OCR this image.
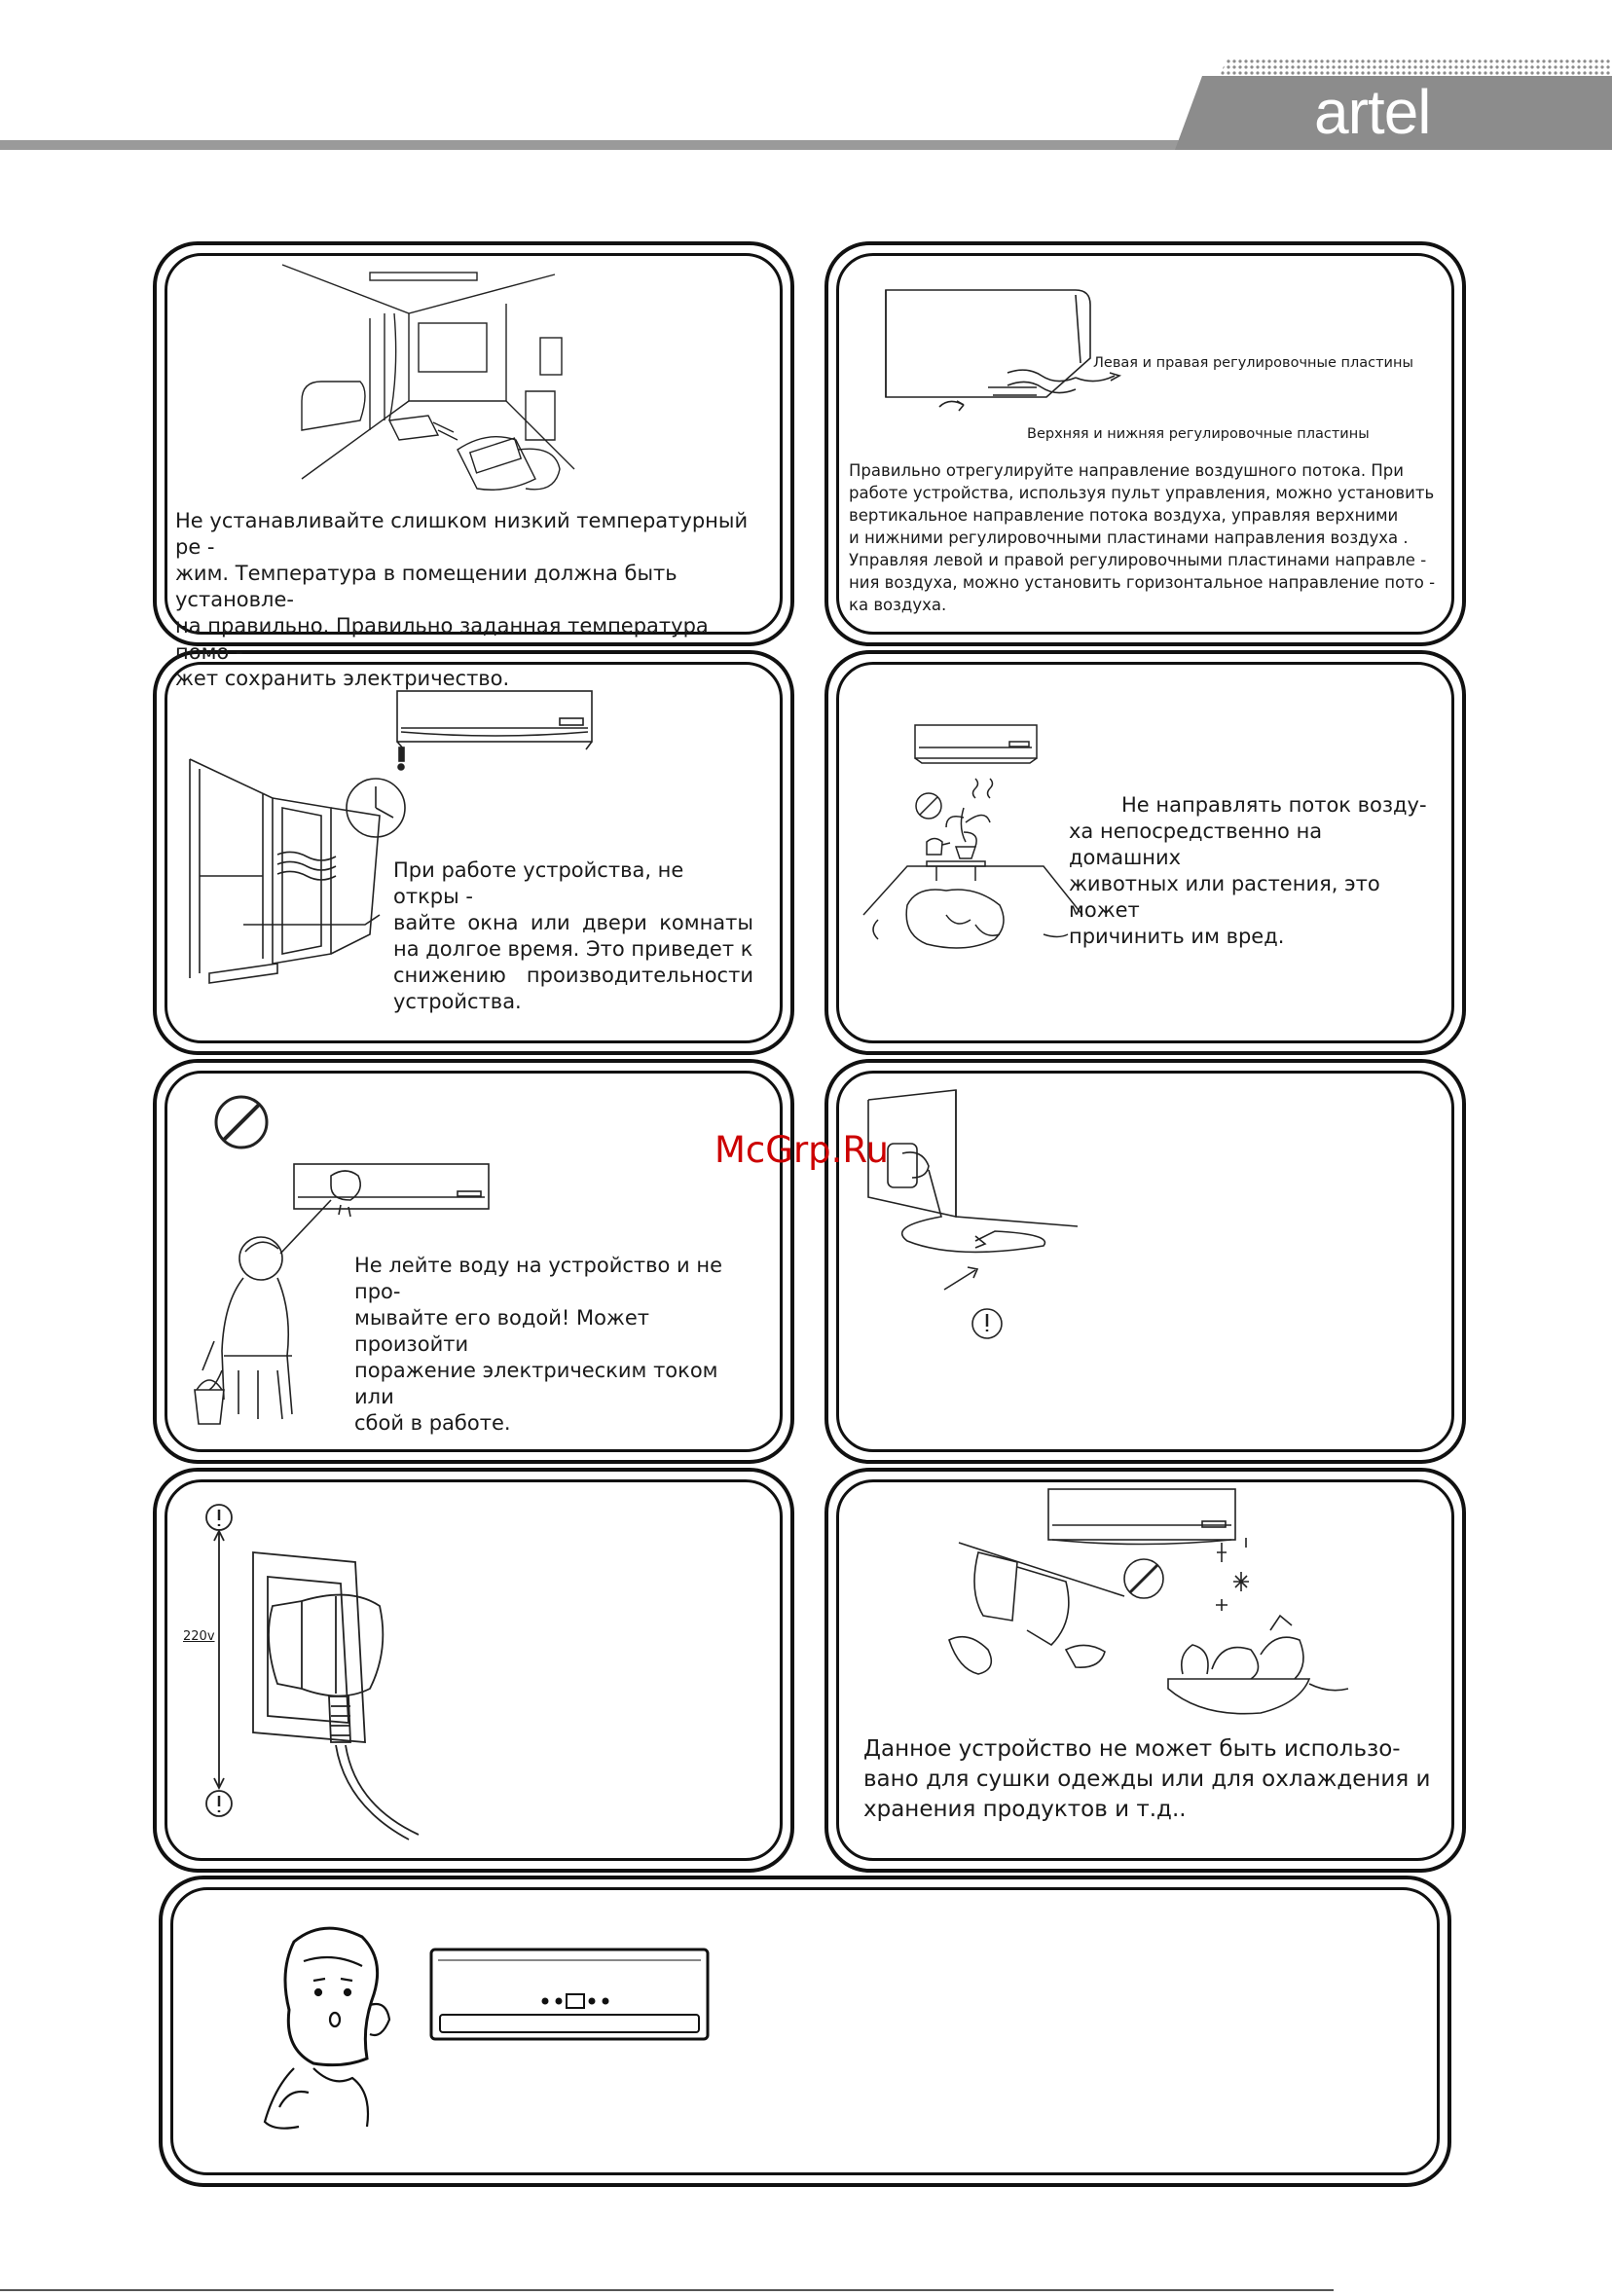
artel
Не устанавливайте слишком низкий температурный ре -
жим. Температура в помещении должна быть установле-
на правильно. Правильно заданная температура помо -
жет сохранить электричество.
Левая и правая регулировочные пластины
Верхняя и нижняя регулировочные пластины
Правильно отрегулируйте направление воздушного потока. При
работе устройства, используя пульт управления, можно установить
вертикальное направление потока воздуха, управляя верхними
и нижними регулировочными пластинами направления воздуха .
Управляя левой и правой регулировочными пластинами направле -
ния воздуха, можно установить горизонтальное направление пото -
ка воздуха.
При работе устройства, не откры -
вайте окна или двери комнаты
на долгое время. Это приведет к
снижению производительности
устройства.
Не направлять поток возду-
ха непосредственно на домашних
животных или растения, это может
причинить им вред.
Не лейте воду на устройство и не про-
мывайте его водой! Может произойти
поражение электрическим током или
сбой в работе.
220v
Данное устройство не может быть использо-
вано для сушки одежды или для охлаждения и
хранения продуктов и т.д..
McGrp.Ru
